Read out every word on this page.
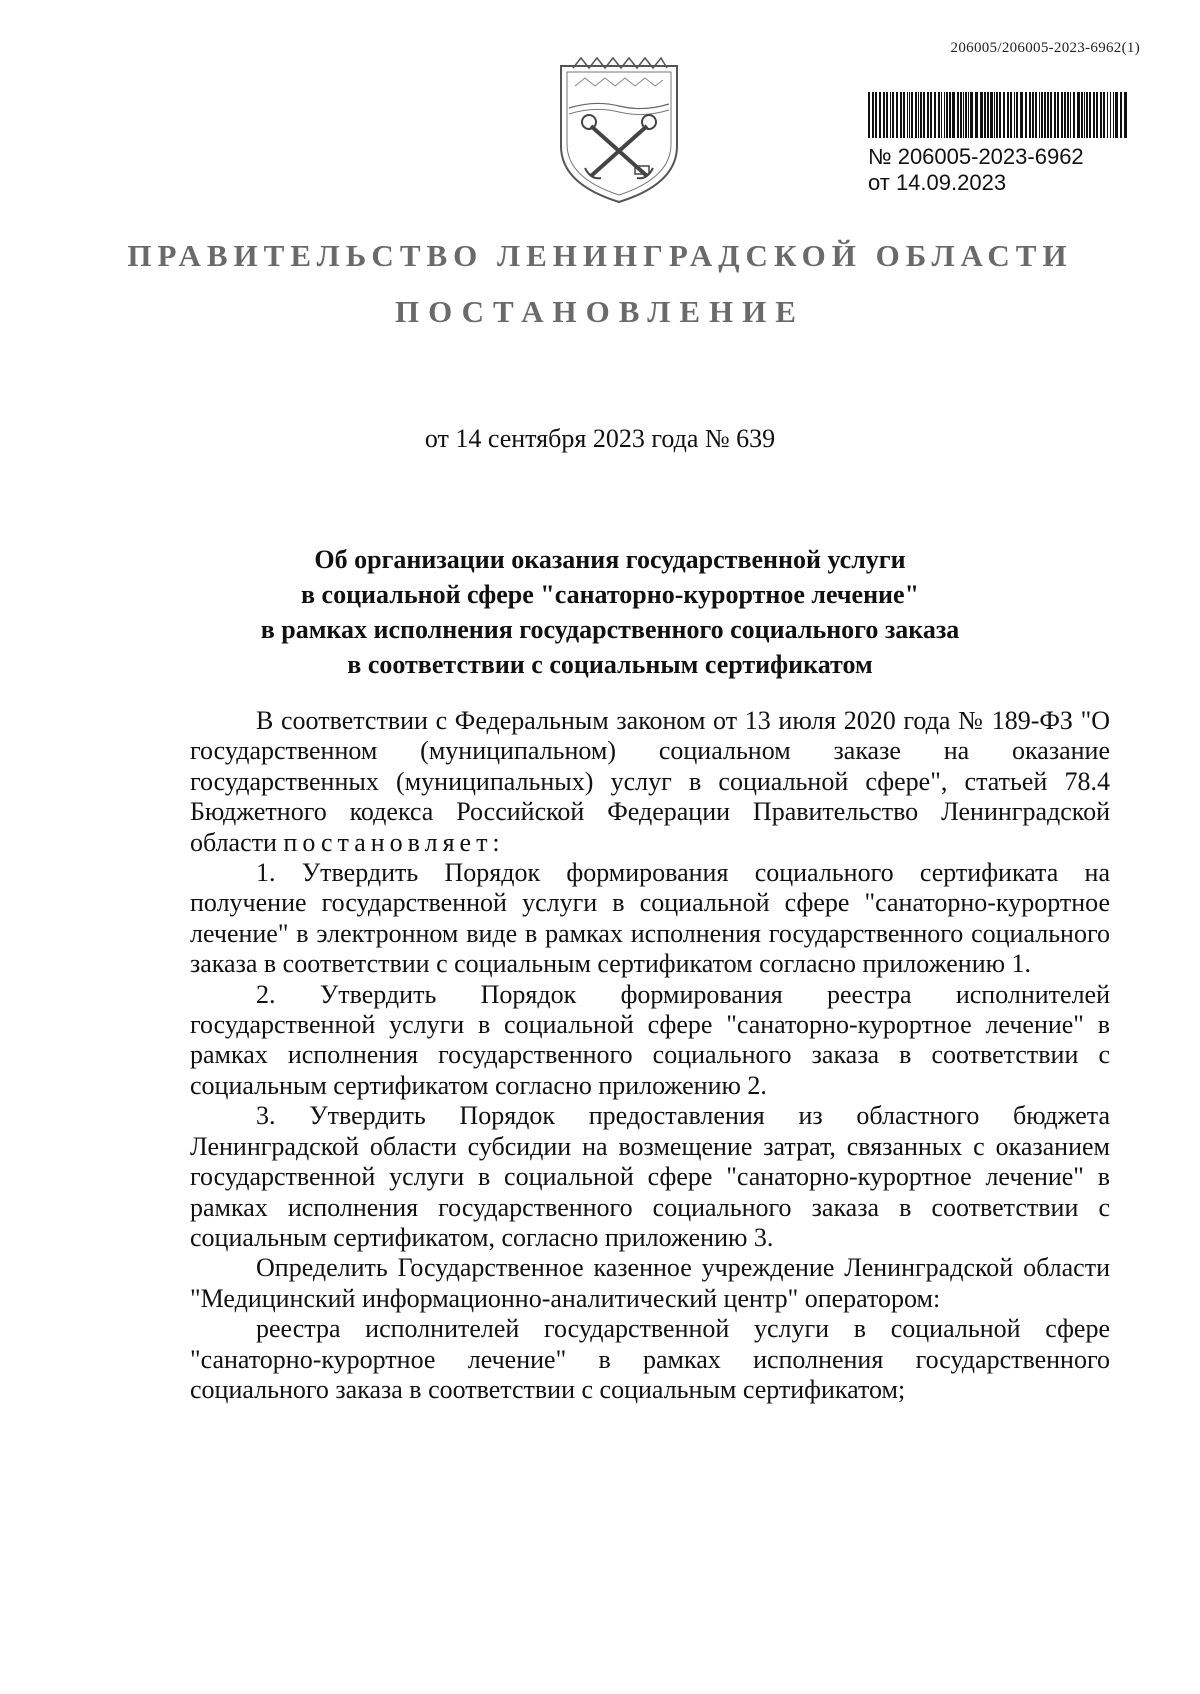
206005/206005-2023-6962(1)
№ 206005-2023-6962
от 14.09.2023
ПРАВИТЕЛЬСТВО ЛЕНИНГРАДСКОЙ ОБЛАСТИ
ПОСТАНОВЛЕНИЕ
от 14 сентября 2023 года № 639
Об организации оказания государственной услуги
в социальной сфере "санаторно-курортное лечение"
в рамках исполнения государственного социального заказа
в соответствии с социальным сертификатом

В соответствии с Федеральным законом от 13 июля 2020 года № 189-ФЗ "О государственном (муниципальном) социальном заказе на оказание государственных (муниципальных) услуг в социальной сфере", статьей 78.4 Бюджетного кодекса Российской Федерации Правительство Ленинградской области постановляет:

1. Утвердить Порядок формирования социального сертификата на получение государственной услуги в социальной сфере "санаторно-курортное лечение" в электронном виде в рамках исполнения государственного социального заказа в соответствии с социальным сертификатом согласно приложению 1.

2. Утвердить Порядок формирования реестра исполнителей государственной услуги в социальной сфере "санаторно-курортное лечение" в рамках исполнения государственного социального заказа в соответствии с социальным сертификатом согласно приложению 2.

3. Утвердить Порядок предоставления из областного бюджета Ленинградской области субсидии на возмещение затрат, связанных с оказанием государственной услуги в социальной сфере "санаторно-курортное лечение" в рамках исполнения государственного социального заказа в соответствии с социальным сертификатом, согласно приложению 3.

Определить Государственное казенное учреждение Ленинградской области "Медицинский информационно-аналитический центр" оператором:

реестра исполнителей государственной услуги в социальной сфере "санаторно-курортное лечение" в рамках исполнения государственного социального заказа в соответствии с социальным сертификатом;
